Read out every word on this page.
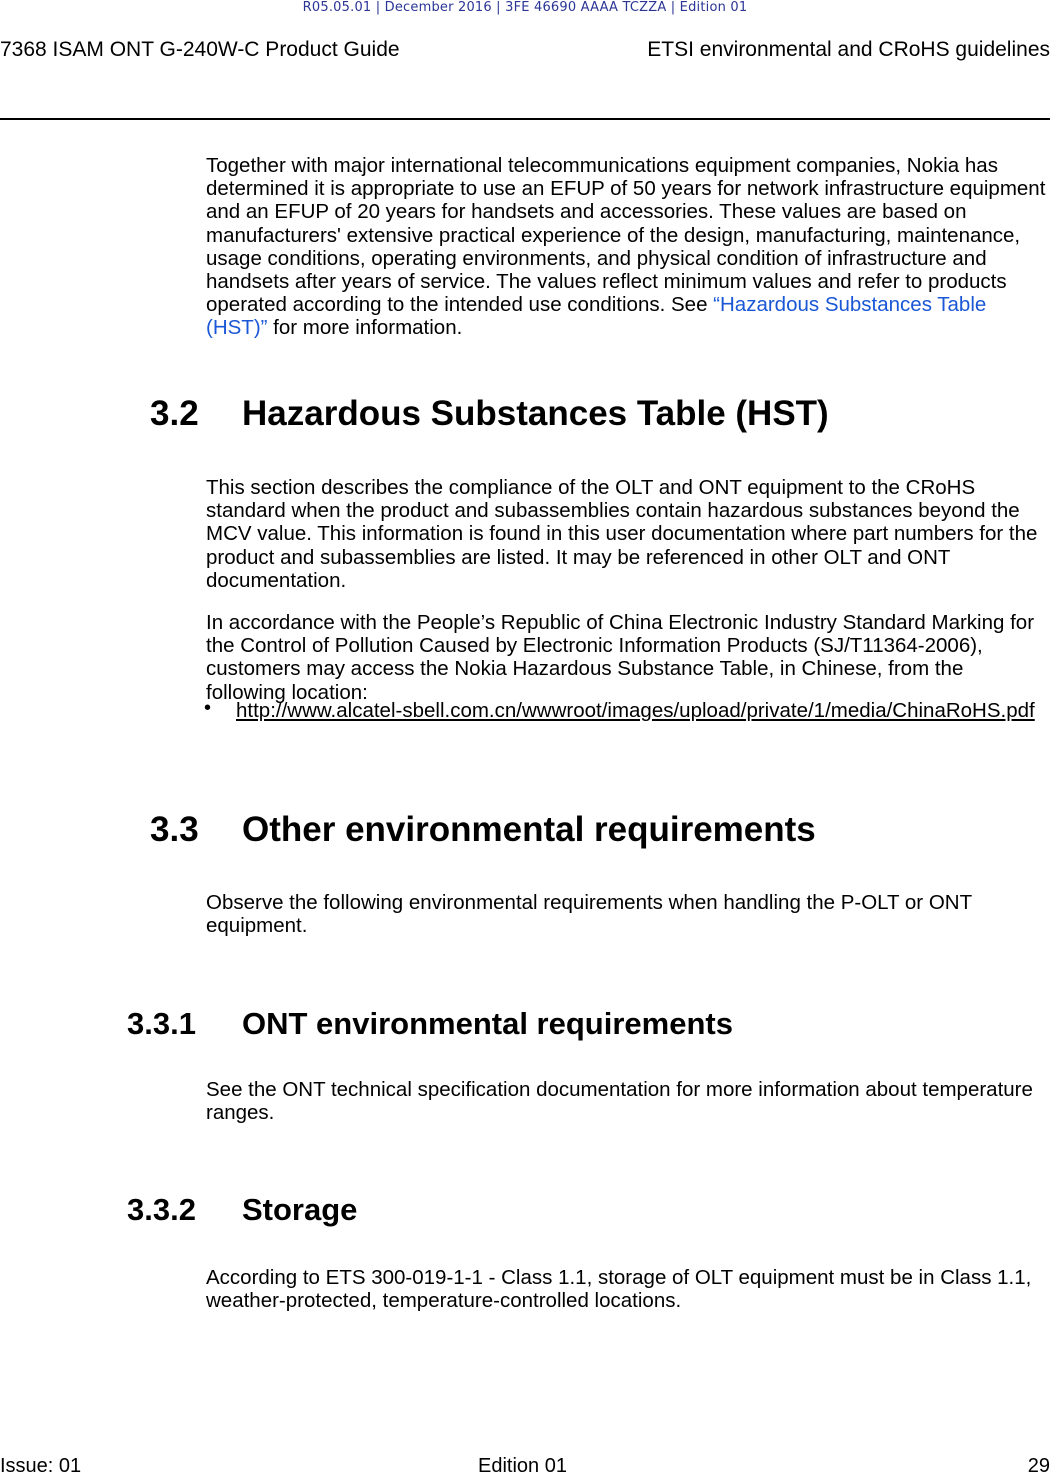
R05.05.01 | December 2016 | 3FE 46690 AAAA TCZZA | Edition 01
7368 ISAM ONT G-240W-C Product Guide	ETSI environmental and CRoHS guidelines

Together with major international telecommunications equipment companies, Nokia has determined it is appropriate to use an EFUP of 50 years for network infrastructure equipment and an EFUP of 20 years for handsets and accessories. These values are based on manufacturers' extensive practical experience of the design, manufacturing, maintenance, usage conditions, operating environments, and physical condition of infrastructure and handsets after years of service. The values reflect minimum values and refer to products operated according to the intended use conditions. See “Hazardous Substances Table (HST)” for more information.

3.2 Hazardous Substances Table (HST)

This section describes the compliance of the OLT and ONT equipment to the CRoHS standard when the product and subassemblies contain hazardous substances beyond the MCV value. This information is found in this user documentation where part numbers for the product and subassemblies are listed. It may be referenced in other OLT and ONT documentation.

In accordance with the People’s Republic of China Electronic Industry Standard Marking for the Control of Pollution Caused by Electronic Information Products (SJ/T11364-2006), customers may access the Nokia Hazardous Substance Table, in Chinese, from the following location:

• http://www.alcatel-sbell.com.cn/wwwroot/images/upload/private/1/media/ChinaRoHS.pdf
3.3 Other environmental requirements

Observe the following environmental requirements when handling the P-OLT or ONT equipment.

3.3.1 ONT environmental requirements

See the ONT technical specification documentation for more information about temperature ranges.

3.3.2 Storage

According to ETS 300-019-1-1 - Class 1.1, storage of OLT equipment must be in Class 1.1, weather-protected, temperature-controlled locations.

Issue: 01	Edition 01	29
